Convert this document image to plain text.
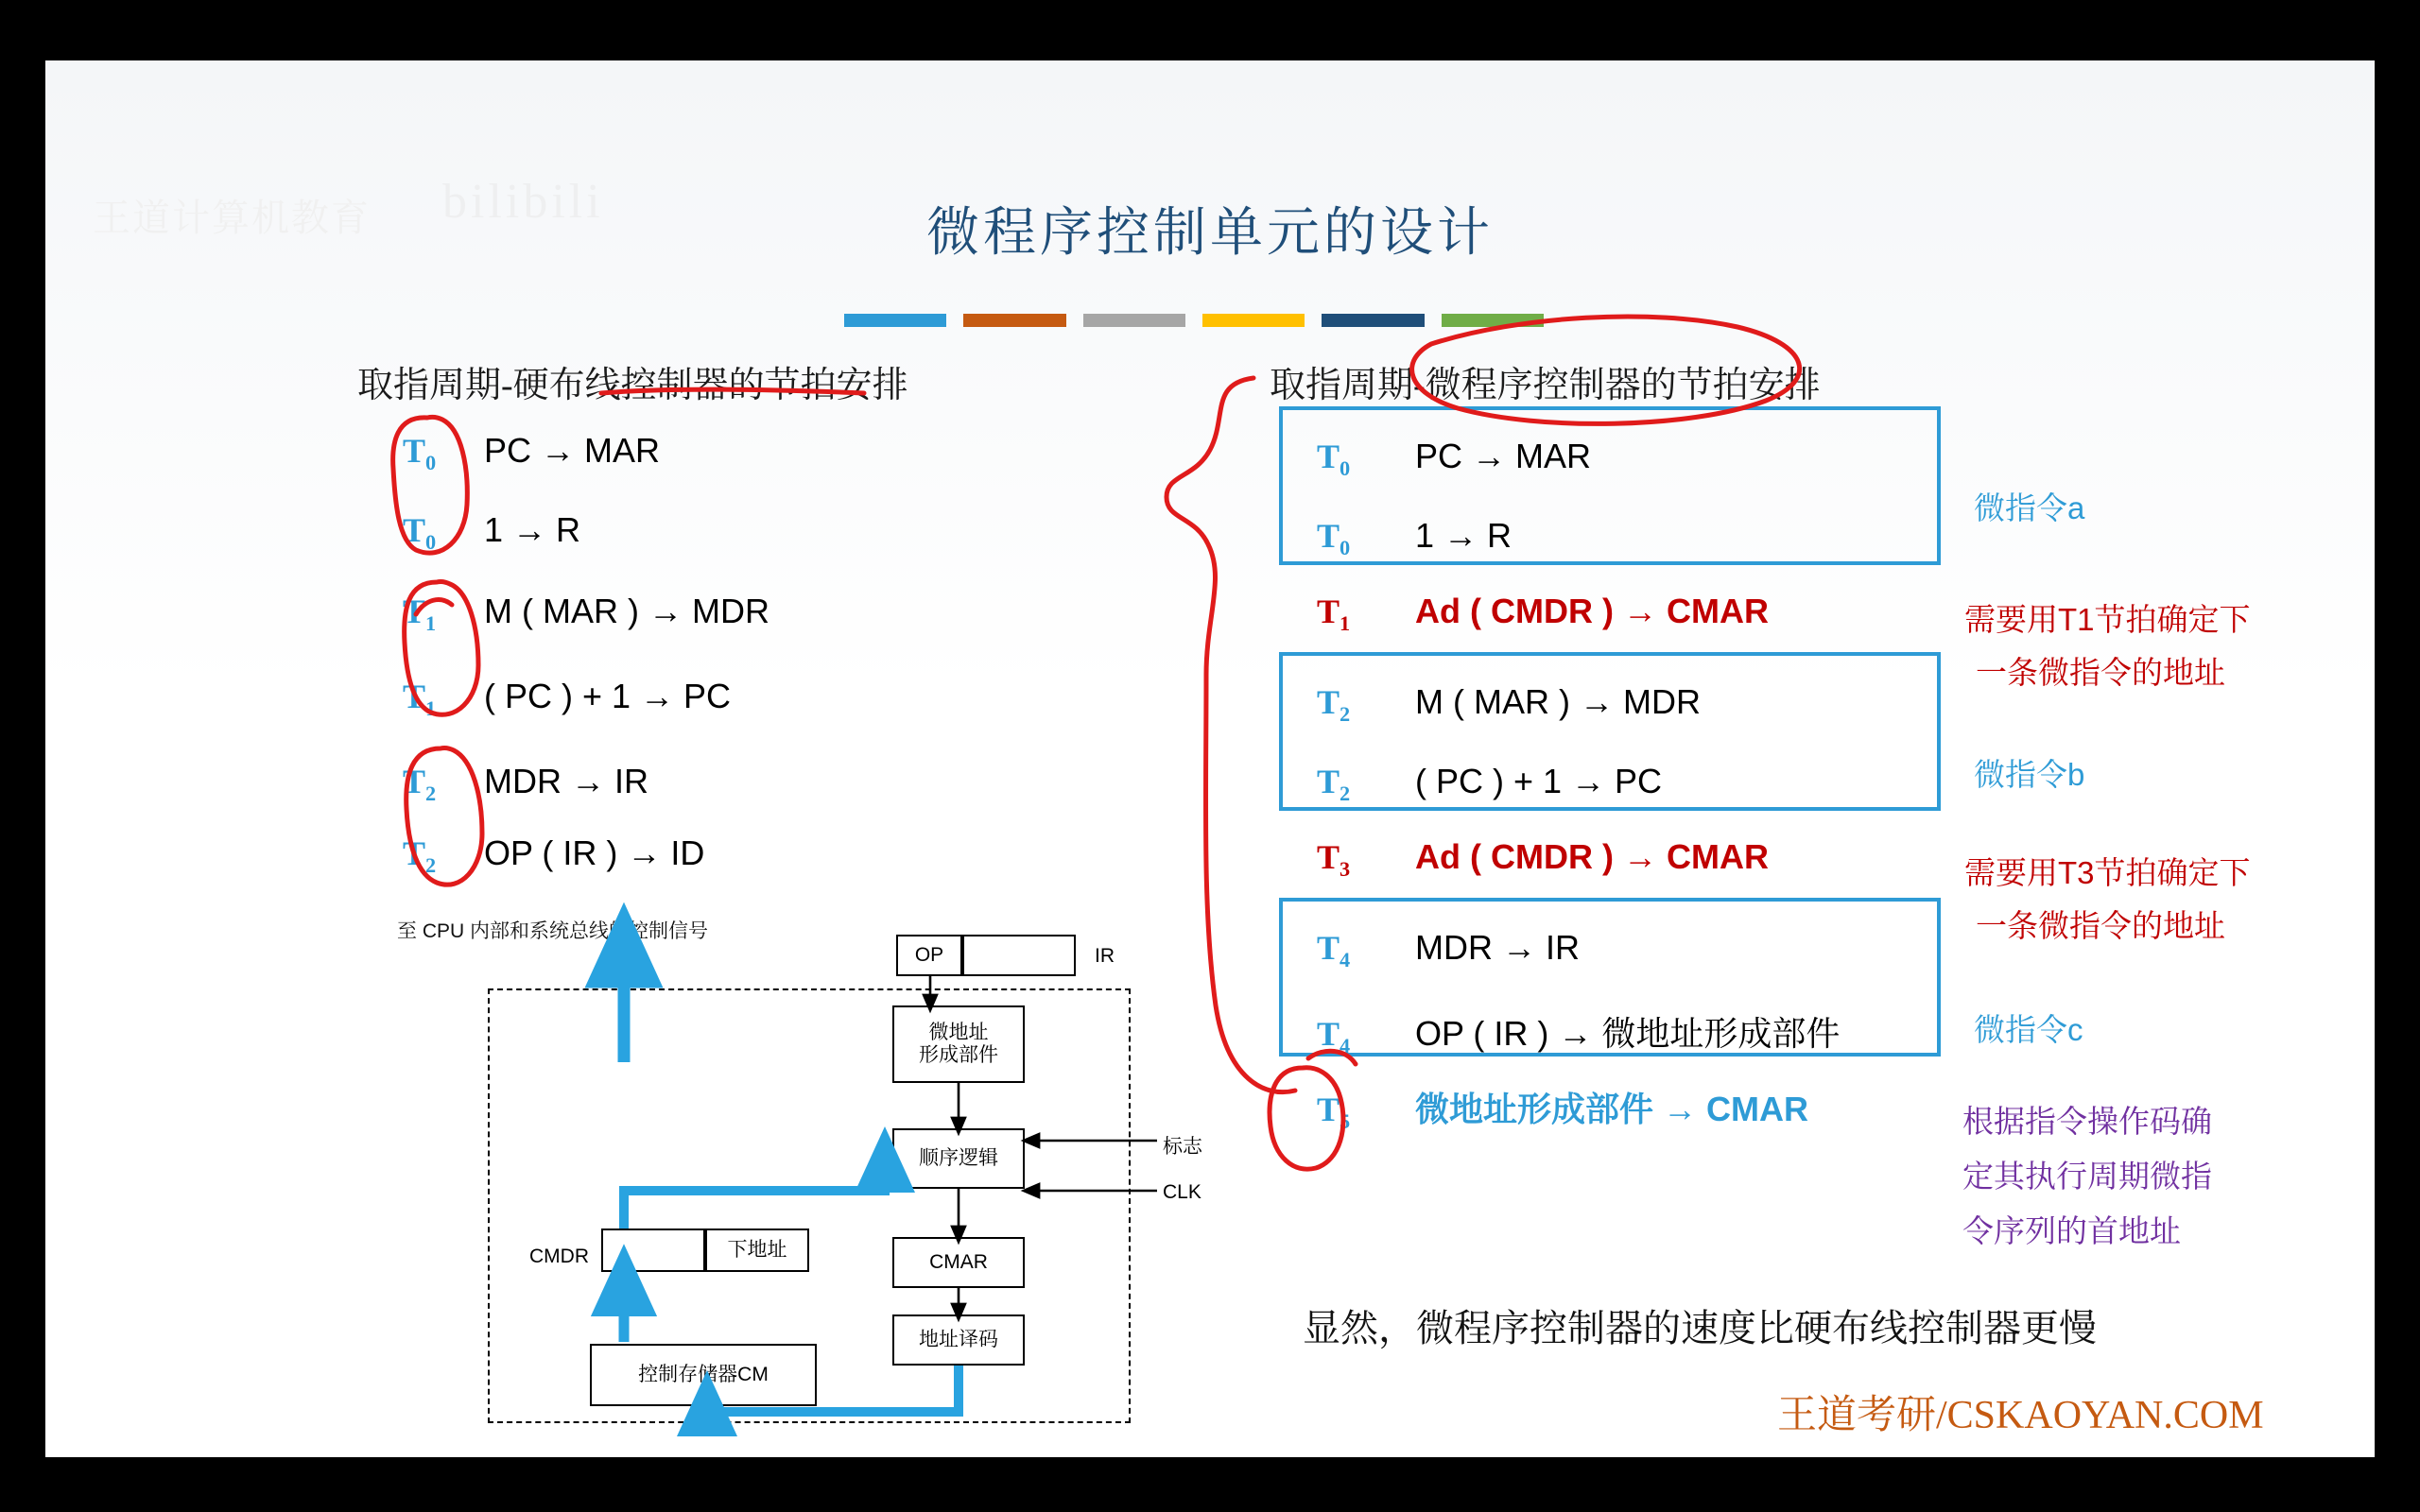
王道计算机教育 bilibili
微程序控制单元的设计
取指周期-硬布线控制器的节拍安排
$T_0$ PC → MAR
$T_0$ 1 → R
$T_1$ M ( MAR ) → MDR
$T_1$ ( PC ) + 1 → PC
$T_2$ MDR → IR
$T_2$ OP ( IR ) → ID
至 CPU 内部和系统总线的控制信号
OP	IR
微地址
形成部件
顺序逻辑
CMAR
地址译码
控制存储器CM
CMDR	下地址
标志
CLK
取指周期-微程序控制器的节拍安排
$T_0$ PC → MAR
$T_0$ 1 → R
$T_1$ Ad ( CMDR ) → CMAR
$T_2$ M ( MAR ) → MDR
$T_2$ ( PC ) + 1 → PC
$T_3$ Ad ( CMDR ) → CMAR
$T_4$ MDR → IR
$T_4$ OP ( IR ) → 微地址形成部件
$T_5$ 微地址形成部件 → CMAR
微指令a
需要用T1节拍确定下
一条微指令的地址
微指令b
需要用T3节拍确定下
一条微指令的地址
微指令c
根据指令操作码确
定其执行周期微指
令序列的首地址
显然，微程序控制器的速度比硬布线控制器更慢
王道考研/CSKAOYAN.COM
